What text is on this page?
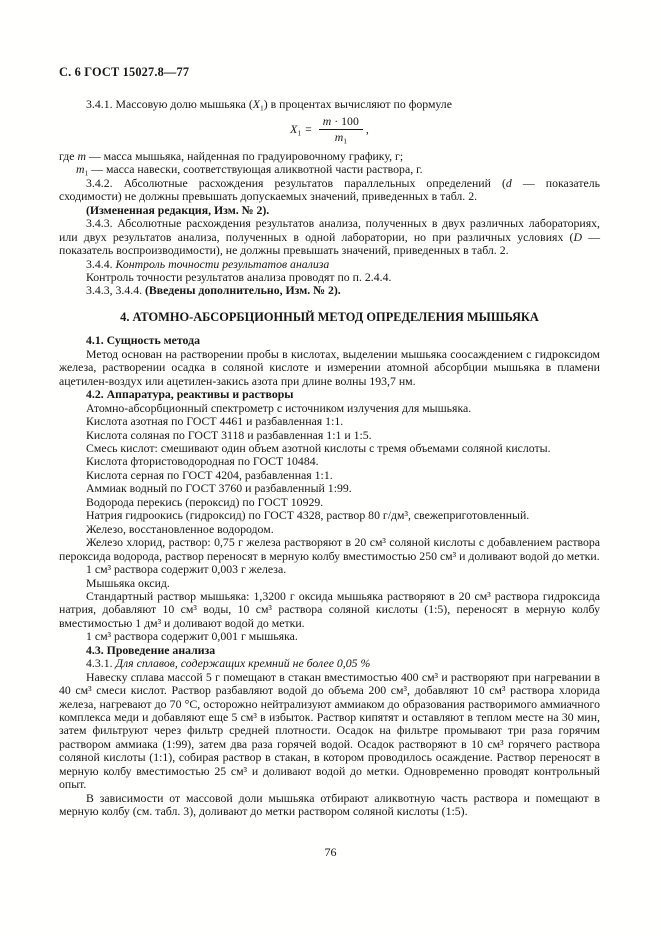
С. 6 ГОСТ 15027.8—77

3.4.1. Массовую долю мышьяка $(X_1)$ в процентах вычисляют по формуле

$X_1 = \frac{m \cdot 100}{m_1}$ ,

где m — масса мышьяка, найденная по градуировочному графику, г;

$m_1$ — масса навески, соответствующая аликвотной части раствора, г.

3.4.2. Абсолютные расхождения результатов параллельных определений (d — показатель сходимости) не должны превышать допускаемых значений, приведенных в табл. 2.

(Измененная редакция, Изм. № 2).

3.4.3. Абсолютные расхождения результатов анализа, полученных в двух различных лабораториях, или двух результатов анализа, полученных в одной лаборатории, но при различных условиях (D — показатель воспроизводимости), не должны превышать значений, приведенных в табл. 2.

3.4.4. Контроль точности результатов анализа

Контроль точности результатов анализа проводят по п. 2.4.4.

3.4.3, 3.4.4. (Введены дополнительно, Изм. № 2).

4. АТОМНО-АБСОРБЦИОННЫЙ МЕТОД ОПРЕДЕЛЕНИЯ МЫШЬЯКА

4.1. Сущность метода

Метод основан на растворении пробы в кислотах, выделении мышьяка соосаждением с гидроксидом железа, растворении осадка в соляной кислоте и измерении атомной абсорбции мышьяка в пламени ацетилен-воздух или ацетилен-закись азота при длине волны 193,7 нм.

4.2. Аппаратура, реактивы и растворы

Атомно-абсорбционный спектрометр с источником излучения для мышьяка.

Кислота азотная по ГОСТ 4461 и разбавленная 1:1.

Кислота соляная по ГОСТ 3118 и разбавленная 1:1 и 1:5.

Смесь кислот: смешивают один объем азотной кислоты с тремя объемами соляной кислоты.

Кислота фтористоводородная по ГОСТ 10484.

Кислота серная по ГОСТ 4204, разбавленная 1:1.

Аммиак водный по ГОСТ 3760 и разбавленный 1:99.

Водорода перекись (пероксид) по ГОСТ 10929.

Натрия гидроокись (гидроксид) по ГОСТ 4328, раствор 80 г/дм³, свежеприготовленный.

Железо, восстановленное водородом.

Железо хлорид, раствор: 0,75 г железа растворяют в 20 см³ соляной кислоты с добавлением раствора пероксида водорода, раствор переносят в мерную колбу вместимостью 250 см³ и доливают водой до метки.

1 см³ раствора содержит 0,003 г железа.

Мышьяка оксид.

Стандартный раствор мышьяка: 1,3200 г оксида мышьяка растворяют в 20 см³ раствора гидроксида натрия, добавляют 10 см³ воды, 10 см³ раствора соляной кислоты (1:5), переносят в мерную колбу вместимостью 1 дм³ и доливают водой до метки.

1 см³ раствора содержит 0,001 г мышьяка.

4.3. Проведение анализа

4.3.1. Для сплавов, содержащих кремний не более 0,05 %

Навеску сплава массой 5 г помещают в стакан вместимостью 400 см³ и растворяют при нагревании в 40 см³ смеси кислот. Раствор разбавляют водой до объема 200 см³, добавляют 10 см³ раствора хлорида железа, нагревают до 70 °С, осторожно нейтрализуют аммиаком до образования растворимого аммиачного комплекса меди и добавляют еще 5 см³ в избыток. Раствор кипятят и оставляют в теплом месте на 30 мин, затем фильтруют через фильтр средней плотности. Осадок на фильтре промывают три раза горячим раствором аммиака (1:99), затем два раза горячей водой. Осадок растворяют в 10 см³ горячего раствора соляной кислоты (1:1), собирая раствор в стакан, в котором проводилось осаждение. Раствор переносят в мерную колбу вместимостью 25 см³ и доливают водой до метки. Одновременно проводят контрольный опыт.

В зависимости от массовой доли мышьяка отбирают аликвотную часть раствора и помещают в мерную колбу (см. табл. 3), доливают до метки раствором соляной кислоты (1:5).

76
